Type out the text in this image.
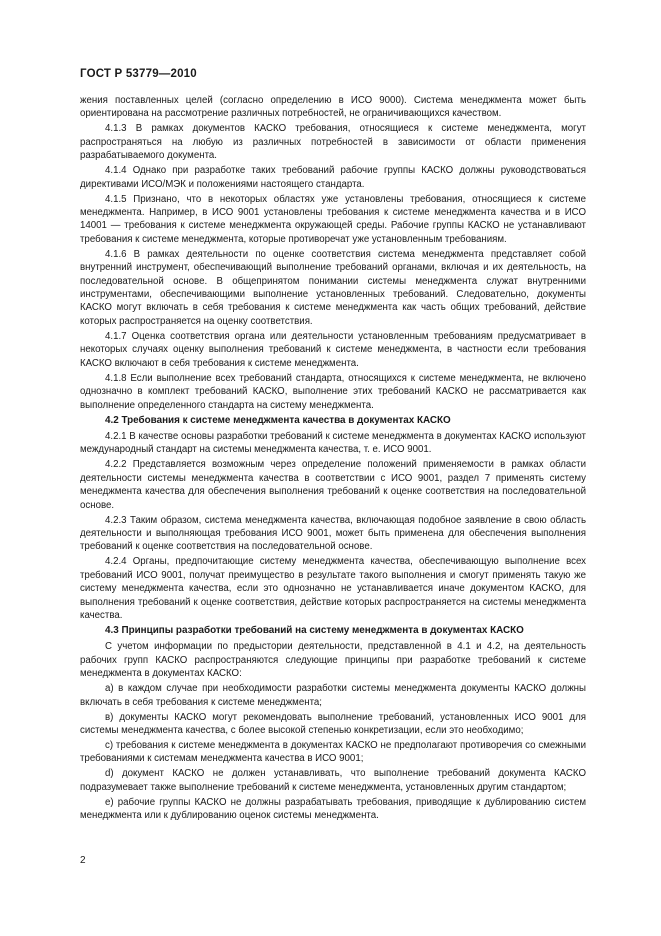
ГОСТ Р 53779—2010

жения поставленных целей (согласно определению в ИСО 9000). Система менеджмента может быть ориентирована на рассмотрение различных потребностей, не ограничивающихся качеством.

4.1.3 В рамках документов КАСКО требования, относящиеся к системе менеджмента, могут распространяться на любую из различных потребностей в зависимости от области применения разрабатываемого документа.

4.1.4 Однако при разработке таких требований рабочие группы КАСКО должны руководствоваться директивами ИСО/МЭК и положениями настоящего стандарта.

4.1.5 Признано, что в некоторых областях уже установлены требования, относящиеся к системе менеджмента. Например, в ИСО 9001 установлены требования к системе менеджмента качества и в ИСО 14001 — требования к системе менеджмента окружающей среды. Рабочие группы КАСКО не устанавливают требования к системе менеджмента, которые противоречат уже установленным требованиям.

4.1.6 В рамках деятельности по оценке соответствия система менеджмента представляет собой внутренний инструмент, обеспечивающий выполнение требований органами, включая и их деятельность, на последовательной основе. В общепринятом понимании системы менеджмента служат внутренними инструментами, обеспечивающими выполнение установленных требований. Следовательно, документы КАСКО могут включать в себя требования к системе менеджмента как часть общих требований, действие которых распространяется на оценку соответствия.

4.1.7 Оценка соответствия органа или деятельности установленным требованиям предусматривает в некоторых случаях оценку выполнения требований к системе менеджмента, в частности если требования КАСКО включают в себя требования к системе менеджмента.

4.1.8 Если выполнение всех требований стандарта, относящихся к системе менеджмента, не включено однозначно в комплект требований КАСКО, выполнение этих требований КАСКО не рассматривается как выполнение определенного стандарта на систему менеджмента.

4.2 Требования к системе менеджмента качества в документах КАСКО

4.2.1 В качестве основы разработки требований к системе менеджмента в документах КАСКО используют международный стандарт на системы менеджмента качества, т. е. ИСО 9001.

4.2.2 Представляется возможным через определение положений применяемости в рамках области деятельности системы менеджмента качества в соответствии с ИСО 9001, раздел 7 применять систему менеджмента качества для обеспечения выполнения требований к оценке соответствия на последовательной основе.

4.2.3 Таким образом, система менеджмента качества, включающая подобное заявление в свою область деятельности и выполняющая требования ИСО 9001, может быть применена для обеспечения выполнения требований к оценке соответствия на последовательной основе.

4.2.4 Органы, предпочитающие систему менеджмента качества, обеспечивающую выполнение всех требований ИСО 9001, получат преимущество в результате такого выполнения и смогут применять такую же систему менеджмента качества, если это однозначно не устанавливается иначе документом КАСКО, для выполнения требований к оценке соответствия, действие которых распространяется на системы менеджмента качества.

4.3 Принципы разработки требований на систему менеджмента в документах КАСКО

С учетом информации по предыстории деятельности, представленной в 4.1 и 4.2, на деятельность рабочих групп КАСКО распространяются следующие принципы при разработке требований к системе менеджмента в документах КАСКО:

а) в каждом случае при необходимости разработки системы менеджмента документы КАСКО должны включать в себя требования к системе менеджмента;

в) документы КАСКО могут рекомендовать выполнение требований, установленных ИСО 9001 для системы менеджмента качества, с более высокой степенью конкретизации, если это необходимо;

с) требования к системе менеджмента в документах КАСКО не предполагают противоречия со смежными требованиями к системам менеджмента качества в ИСО 9001;

d) документ КАСКО не должен устанавливать, что выполнение требований документа КАСКО подразумевает также выполнение требований к системе менеджмента, установленных другим стандартом;

е) рабочие группы КАСКО не должны разрабатывать требования, приводящие к дублированию систем менеджмента или к дублированию оценок системы менеджмента.

2
